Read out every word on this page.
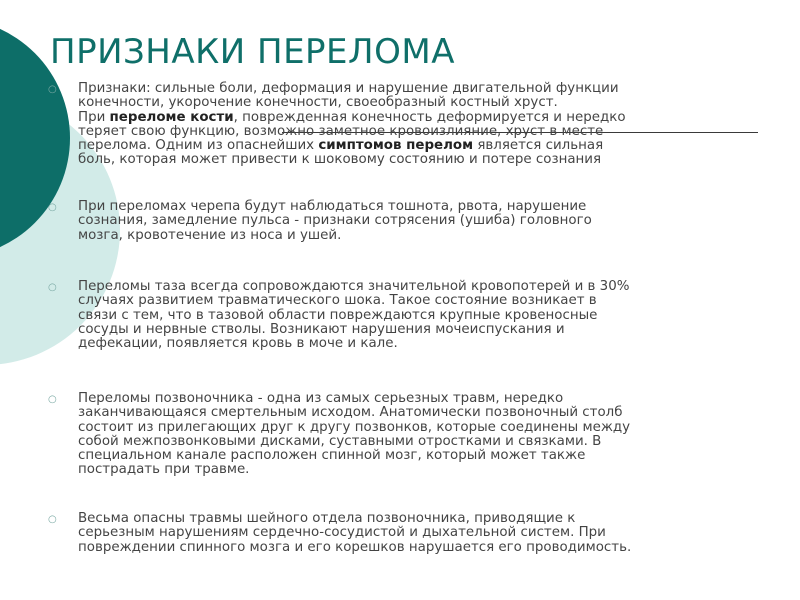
ПРИЗНАКИ ПЕРЕЛОМА
○ Признаки: сильные боли, деформация и нарушение двигательной функции
конечности, укорочение конечности, своеобразный костный хруст.
При переломе кости, поврежденная конечность деформируется и нередко
теряет свою функцию, возможно заметное кровоизлияние, хруст в месте
перелома. Одним из опаснейших симптомов перелом является сильная
боль, которая может привести к шоковому состоянию и потере сознания
○ При переломах черепа будут наблюдаться тошнота, рвота, нарушение
сознания, замедление пульса - признаки сотрясения (ушиба) головного
мозга, кровотечение из носа и ушей.
○ Переломы таза всегда сопровождаются значительной кровопотерей и в 30%
случаях развитием травматического шока. Такое состояние возникает в
связи с тем, что в тазовой области повреждаются крупные кровеносные
сосуды и нервные стволы. Возникают нарушения мочеиспускания и
дефекации, появляется кровь в моче и кале.
○ Переломы позвоночника - одна из самых серьезных травм, нередко
заканчивающаяся смертельным исходом. Анатомически позвоночный столб
состоит из прилегающих друг к другу позвонков, которые соединены между
собой межпозвонковыми дисками, суставными отростками и связками. В
специальном канале расположен спинной мозг, который может также
пострадать при травме.
○ Весьма опасны травмы шейного отдела позвоночника, приводящие к
серьезным нарушениям сердечно-сосудистой и дыхательной систем. При
повреждении спинного мозга и его корешков нарушается его проводимость.
